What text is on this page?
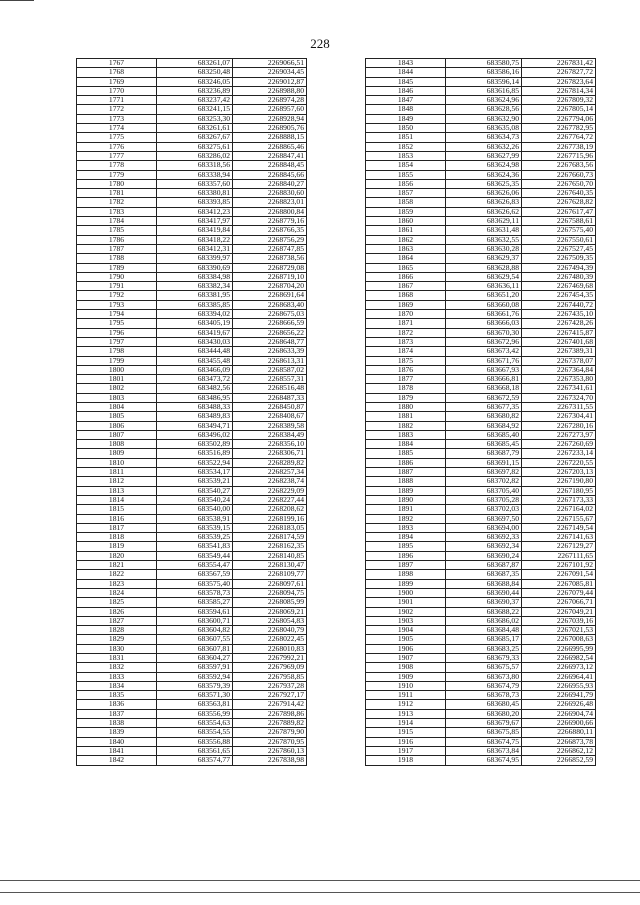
228
1767	683261,07	2269066,51
1768	683250,48	2269034,45
1769	683246,05	2269012,87
1770	683236,89	2268988,80
1771	683237,42	2268974,28
1772	683241,15	2268957,60
1773	683253,30	2268928,94
1774	683261,61	2268905,76
1775	683267,67	2268888,15
1776	683275,61	2268865,46
1777	683286,02	2268847,41
1778	683318,56	2268848,45
1779	683338,94	2268845,66
1780	683357,60	2268840,27
1781	683380,81	2268830,60
1782	683393,85	2268823,01
1783	683412,23	2268800,84
1784	683417,97	2268779,16
1785	683419,84	2268766,35
1786	683418,22	2268756,29
1787	683412,31	2268747,85
1788	683399,97	2268738,56
1789	683390,69	2268729,08
1790	683384,98	2268719,10
1791	683382,34	2268704,20
1792	683381,95	2268691,64
1793	683385,85	2268683,40
1794	683394,02	2268675,03
1795	683405,19	2268666,59
1796	683419,67	2268656,22
1797	683430,03	2268648,77
1798	683444,48	2268633,39
1799	683455,48	2268613,31
1800	683466,09	2268587,02
1801	683473,72	2268557,31
1802	683482,56	2268516,48
1803	683486,95	2268487,33
1804	683488,33	2268450,87
1805	683489,83	2268408,67
1806	683494,71	2268389,58
1807	683496,02	2268384,49
1808	683502,89	2268356,10
1809	683516,89	2268306,71
1810	683522,94	2268289,82
1811	683534,17	2268257,34
1812	683539,21	2268238,74
1813	683540,27	2268229,09
1814	683540,24	2268227,44
1815	683540,00	2268208,62
1816	683538,91	2268199,16
1817	683539,15	2268183,05
1818	683539,25	2268174,59
1819	683541,83	2268162,35
1820	683549,44	2268140,85
1821	683554,47	2268130,47
1822	683567,59	2268109,77
1823	683575,40	2268097,61
1824	683578,73	2268094,75
1825	683585,27	2268085,99
1826	683594,61	2268069,21
1827	683600,71	2268054,83
1828	683604,82	2268040,79
1829	683607,55	2268022,45
1830	683607,81	2268010,83
1831	683604,27	2267992,21
1832	683597,91	2267969,09
1833	683592,94	2267958,85
1834	683579,39	2267937,28
1835	683571,30	2267927,17
1836	683563,81	2267914,42
1837	683556,99	2267898,86
1838	683554,63	2267889,82
1839	683554,55	2267879,90
1840	683556,88	2267870,95
1841	683561,65	2267860,13
1842	683574,77	2267838,98
1843	683580,75	2267831,42
1844	683586,16	2267827,72
1845	683596,14	2267823,64
1846	683616,85	2267814,34
1847	683624,96	2267809,32
1848	683628,56	2267805,14
1849	683632,90	2267794,06
1850	683635,08	2267782,95
1851	683634,73	2267764,72
1852	683632,26	2267738,19
1853	683627,99	2267715,96
1854	683624,98	2267683,56
1855	683624,36	2267660,73
1856	683625,35	2267650,70
1857	683626,06	2267640,35
1858	683626,83	2267628,82
1859	683626,62	2267617,47
1860	683629,11	2267588,61
1861	683631,48	2267575,40
1862	683632,55	2267550,61
1863	683630,28	2267527,45
1864	683629,37	2267509,35
1865	683628,88	2267494,39
1866	683629,54	2267480,39
1867	683636,11	2267469,68
1868	683651,20	2267454,35
1869	683660,08	2267440,72
1870	683661,76	2267435,10
1871	683666,03	2267428,26
1872	683670,30	2267415,87
1873	683672,96	2267401,68
1874	683673,42	2267389,31
1875	683671,76	2267378,07
1876	683667,93	2267364,84
1877	683666,81	2267353,80
1878	683668,18	2267341,61
1879	683672,59	2267324,70
1880	683677,35	2267311,55
1881	683680,82	2267304,41
1882	683684,92	2267280,16
1883	683685,40	2267273,97
1884	683685,45	2267260,69
1885	683687,79	2267233,14
1886	683691,15	2267220,55
1887	683697,82	2267203,13
1888	683702,82	2267190,80
1889	683705,40	2267180,95
1890	683705,28	2267173,33
1891	683702,03	2267164,02
1892	683697,50	2267155,67
1893	683694,00	2267149,54
1894	683692,33	2267141,63
1895	683692,34	2267129,27
1896	683690,24	2267111,65
1897	683687,87	2267101,92
1898	683687,35	2267091,54
1899	683688,84	2267085,81
1900	683690,44	2267079,44
1901	683690,37	2267066,71
1902	683688,22	2267049,21
1903	683686,02	2267039,16
1904	683684,48	2267021,53
1905	683685,17	2267008,63
1906	683683,25	2266995,99
1907	683679,33	2266982,54
1908	683675,57	2266973,12
1909	683673,80	2266964,41
1910	683674,79	2266955,93
1911	683678,73	2266941,79
1912	683680,45	2266926,48
1913	683680,20	2266904,74
1914	683679,67	2266900,66
1915	683675,85	2266880,11
1916	683674,75	2266873,78
1917	683673,84	2266862,12
1918	683674,95	2266852,59
